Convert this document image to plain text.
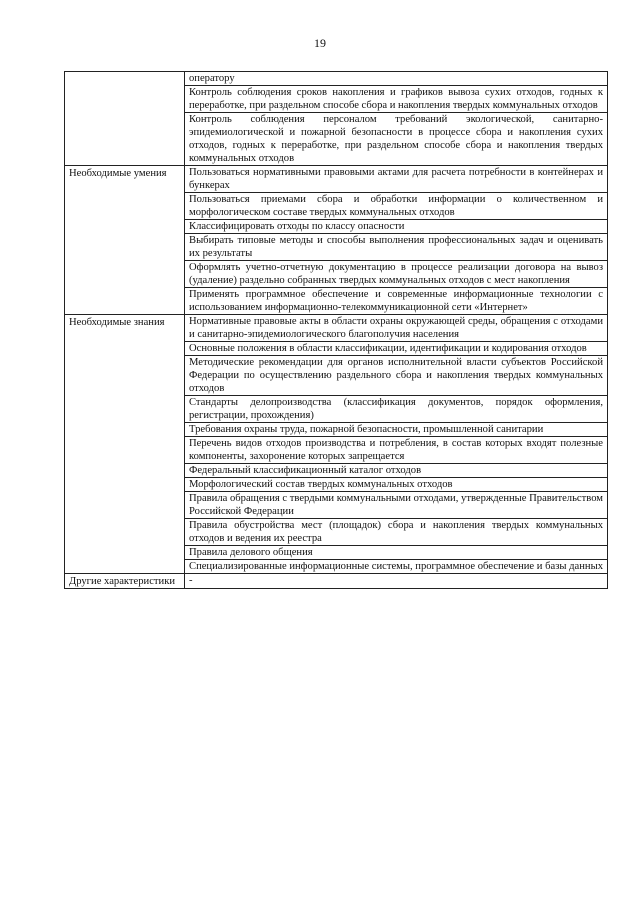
19
	оператору
	Контроль соблюдения сроков накопления и графиков вывоза сухих отходов, годных к переработке, при раздельном способе сбора и накопления твердых коммунальных отходов
	Контроль соблюдения персоналом требований экологической, санитарно-эпидемиологической и пожарной безопасности в процессе сбора и накопления сухих отходов, годных к переработке, при раздельном способе сбора и накопления твердых коммунальных отходов
Необходимые умения	Пользоваться нормативными правовыми актами для расчета потребности в контейнерах и бункерах
	Пользоваться приемами сбора и обработки информации о количественном и морфологическом составе твердых коммунальных отходов
	Классифицировать отходы по классу опасности
	Выбирать типовые методы и способы выполнения профессиональных задач и оценивать их результаты
	Оформлять учетно-отчетную документацию в процессе реализации договора на вывоз (удаление) раздельно собранных твердых коммунальных отходов с мест накопления
	Применять программное обеспечение и современные информационные технологии с использованием информационно-телекоммуникационной сети «Интернет»
Необходимые знания	Нормативные правовые акты в области охраны окружающей среды, обращения с отходами и санитарно-эпидемиологического благополучия населения
	Основные положения в области классификации, идентификации и кодирования отходов
	Методические рекомендации для органов исполнительной власти субъектов Российской Федерации по осуществлению раздельного сбора и накопления твердых коммунальных отходов
	Стандарты делопроизводства (классификация документов, порядок оформления, регистрации, прохождения)
	Требования охраны труда, пожарной безопасности, промышленной санитарии
	Перечень видов отходов производства и потребления, в состав которых входят полезные компоненты, захоронение которых запрещается
	Федеральный классификационный каталог отходов
	Морфологический состав твердых коммунальных отходов
	Правила обращения с твердыми коммунальными отходами, утвержденные Правительством Российской Федерации
	Правила обустройства мест (площадок) сбора и накопления твердых коммунальных отходов и ведения их реестра
	Правила делового общения
	Специализированные информационные системы, программное обеспечение и базы данных
Другие характеристики	-
